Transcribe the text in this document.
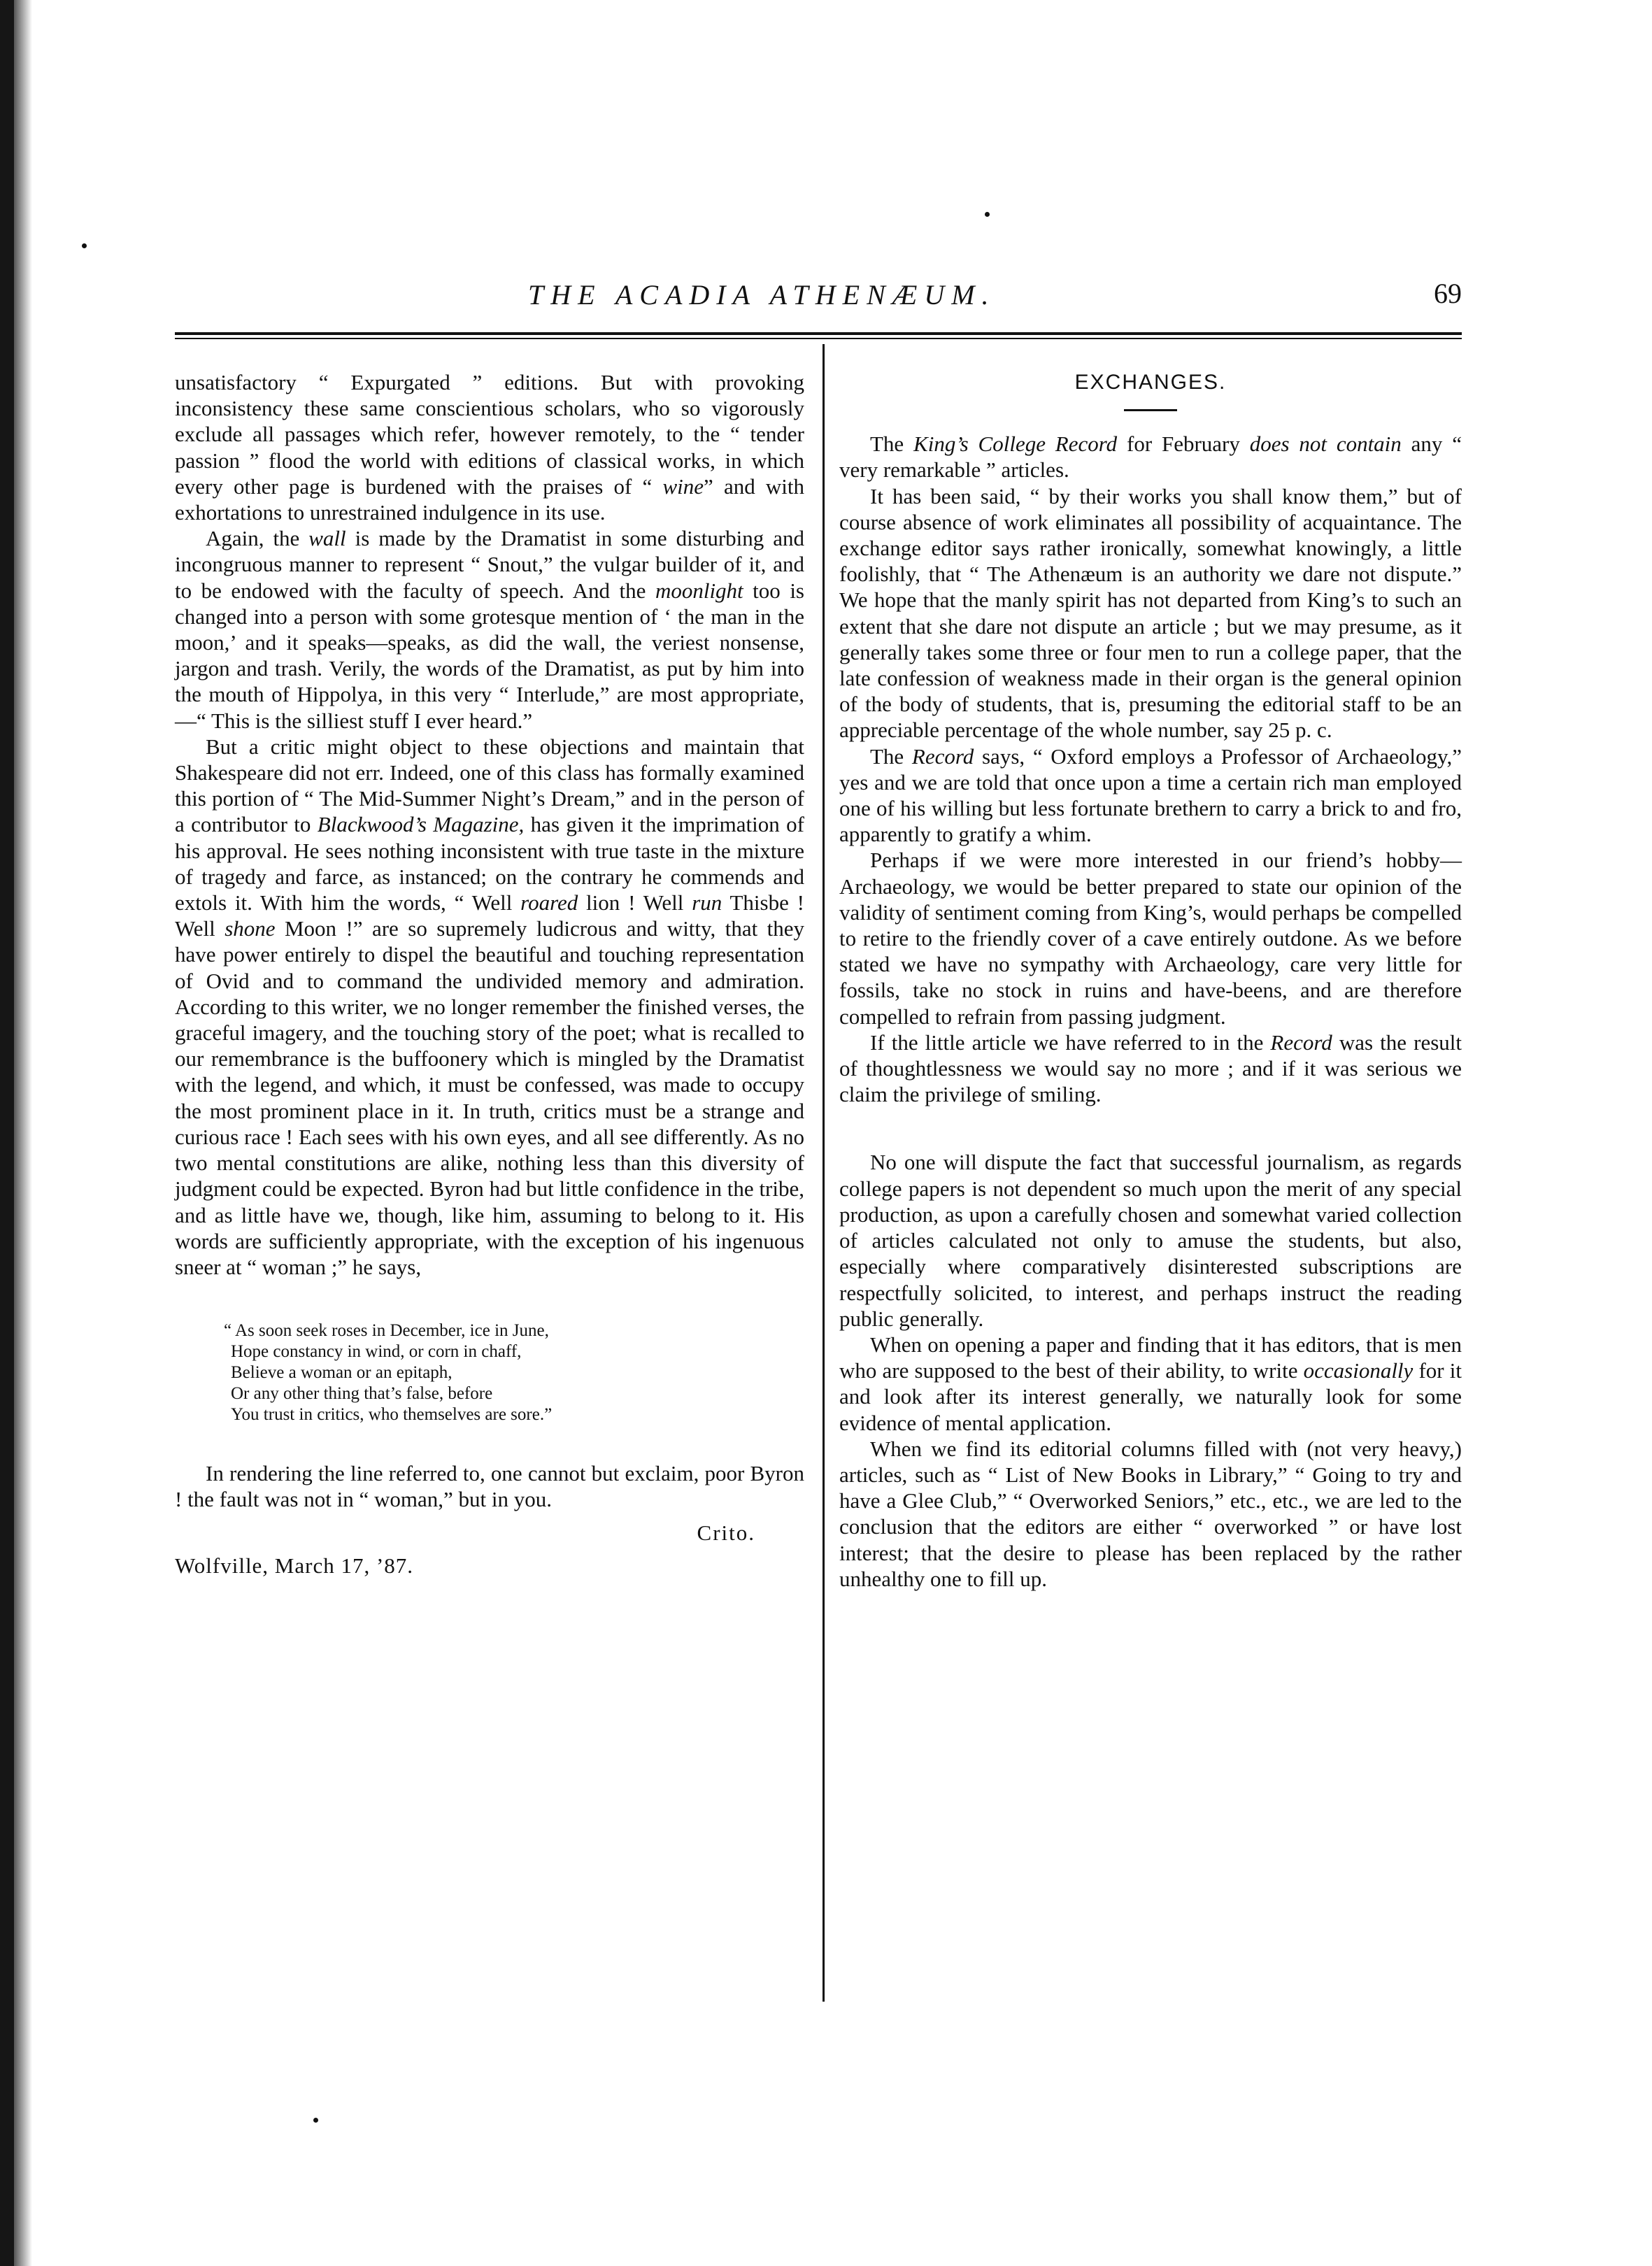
THE ACADIA ATHENÆUM.	69

unsatisfactory “ Expurgated ” editions. But with provoking inconsistency these same conscientious scholars, who so vigorously exclude all passages which refer, however remotely, to the “ tender passion ” flood the world with editions of classical works, in which every other page is burdened with the praises of “ wine” and with exhortations to unrestrained indulgence in its use.

Again, the wall is made by the Dramatist in some disturbing and incongruous manner to represent “ Snout,” the vulgar builder of it, and to be endowed with the faculty of speech. And the moonlight too is changed into a person with some grotesque mention of ‘ the man in the moon,’ and it speaks—speaks, as did the wall, the veriest nonsense, jargon and trash. Verily, the words of the Dramatist, as put by him into the mouth of Hippolya, in this very “ Interlude,” are most appropriate,—“ This is the silliest stuff I ever heard.”

But a critic might object to these objections and maintain that Shakespeare did not err. Indeed, one of this class has formally examined this portion of “ The Mid-Summer Night’s Dream,” and in the person of a contributor to Blackwood’s Magazine, has given it the imprimation of his approval. He sees nothing inconsistent with true taste in the mixture of tragedy and farce, as instanced; on the contrary he commends and extols it. With him the words, “ Well roared lion ! Well run Thisbe ! Well shone Moon !” are so supremely ludicrous and witty, that they have power entirely to dispel the beautiful and touching representation of Ovid and to command the undivided memory and admiration. According to this writer, we no longer remember the finished verses, the graceful imagery, and the touching story of the poet; what is recalled to our remembrance is the buffoonery which is mingled by the Dramatist with the legend, and which, it must be confessed, was made to occupy the most prominent place in it. In truth, critics must be a strange and curious race ! Each sees with his own eyes, and all see differently. As no two mental constitutions are alike, nothing less than this diversity of judgment could be expected. Byron had but little confidence in the tribe, and as little have we, though, like him, assuming to belong to it. His words are sufficiently appropriate, with the exception of his ingenuous sneer at “ woman ;” he says,

“ As soon seek roses in December, ice in June,
Hope constancy in wind, or corn in chaff,
Believe a woman or an epitaph,
Or any other thing that’s false, before
You trust in critics, who themselves are sore.”

In rendering the line referred to, one cannot but exclaim, poor Byron ! the fault was not in “ woman,” but in you.

Crito.

Wolfville, March 17, ’87.

EXCHANGES.

The King’s College Record for February does not contain any “ very remarkable ” articles.

It has been said, “ by their works you shall know them,” but of course absence of work eliminates all possibility of acquaintance. The exchange editor says rather ironically, somewhat knowingly, a little foolishly, that “ The Athenæum is an authority we dare not dispute.” We hope that the manly spirit has not departed from King’s to such an extent that she dare not dispute an article ; but we may presume, as it generally takes some three or four men to run a college paper, that the late confession of weakness made in their organ is the general opinion of the body of students, that is, presuming the editorial staff to be an appreciable percentage of the whole number, say 25 p. c.

The Record says, “ Oxford employs a Professor of Archaeology,” yes and we are told that once upon a time a certain rich man employed one of his willing but less fortunate brethern to carry a brick to and fro, apparently to gratify a whim.

Perhaps if we were more interested in our friend’s hobby—Archaeology, we would be better prepared to state our opinion of the validity of sentiment coming from King’s, would perhaps be compelled to retire to the friendly cover of a cave entirely outdone. As we before stated we have no sympathy with Archaeology, care very little for fossils, take no stock in ruins and have-beens, and are therefore compelled to refrain from passing judgment.

If the little article we have referred to in the Record was the result of thoughtlessness we would say no more ; and if it was serious we claim the privilege of smiling.

No one will dispute the fact that successful journalism, as regards college papers is not dependent so much upon the merit of any special production, as upon a carefully chosen and somewhat varied collection of articles calculated not only to amuse the students, but also, especially where comparatively disinterested subscriptions are respectfully solicited, to interest, and perhaps instruct the reading public generally.

When on opening a paper and finding that it has editors, that is men who are supposed to the best of their ability, to write occasionally for it and look after its interest generally, we naturally look for some evidence of mental application.

When we find its editorial columns filled with (not very heavy,) articles, such as “ List of New Books in Library,” “ Going to try and have a Glee Club,” “ Overworked Seniors,” etc., etc., we are led to the conclusion that the editors are either “ overworked ” or have lost interest; that the desire to please has been replaced by the rather unhealthy one to fill up.
